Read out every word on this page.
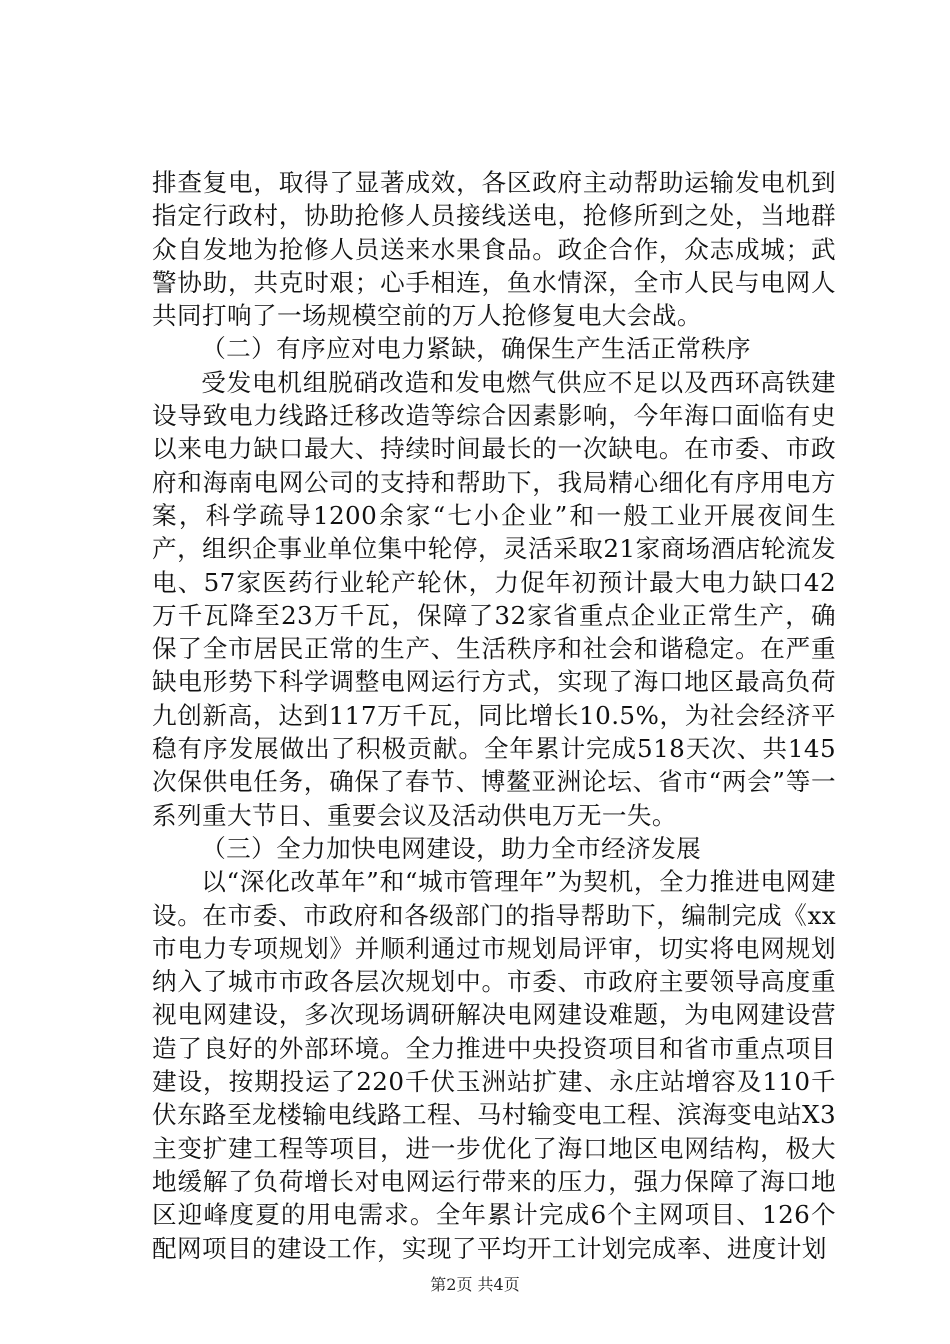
排查复电，取得了显著成效，各区政府主动帮助运输发电机到指定行政村，协助抢修人员接线送电，抢修所到之处，当地群众自发地为抢修人员送来水果食品。政企合作，众志成城；武警协助，共克时艰；心手相连，鱼水情深，全市人民与电网人共同打响了一场规模空前的万人抢修复电大会战。

（二）有序应对电力紧缺，确保生产生活正常秩序

受发电机组脱硝改造和发电燃气供应不足以及西环高铁建设导致电力线路迁移改造等综合因素影响，今年海口面临有史以来电力缺口最大、持续时间最长的一次缺电。在市委、市政府和海南电网公司的支持和帮助下，我局精心细化有序用电方案，科学疏导1200余家“七小企业”和一般工业开展夜间生产，组织企事业单位集中轮停，灵活采取21家商场酒店轮流发电、57家医药行业轮产轮休，力促年初预计最大电力缺口42万千瓦降至23万千瓦，保障了32家省重点企业正常生产，确保了全市居民正常的生产、生活秩序和社会和谐稳定。在严重缺电形势下科学调整电网运行方式，实现了海口地区最高负荷九创新高，达到117万千瓦，同比增长10.5%，为社会经济平稳有序发展做出了积极贡献。全年累计完成518天次、共145次保供电任务，确保了春节、博鳌亚洲论坛、省市“两会”等一系列重大节日、重要会议及活动供电万无一失。

（三）全力加快电网建设，助力全市经济发展

以“深化改革年”和“城市管理年”为契机，全力推进电网建设。在市委、市政府和各级部门的指导帮助下，编制完成《xx市电力专项规划》并顺利通过市规划局评审，切实将电网规划纳入了城市市政各层次规划中。市委、市政府主要领导高度重视电网建设，多次现场调研解决电网建设难题，为电网建设营造了良好的外部环境。全力推进中央投资项目和省市重点项目建设，按期投运了220千伏玉洲站扩建、永庄站增容及110千伏东路至龙楼输电线路工程、马村输变电工程、滨海变电站X3主变扩建工程等项目，进一步优化了海口地区电网结构，极大地缓解了负荷增长对电网运行带来的压力，强力保障了海口地区迎峰度夏的用电需求。全年累计完成6个主网项目、126个配网项目的建设工作，实现了平均开工计划完成率、进度计划

第2页 共4页
